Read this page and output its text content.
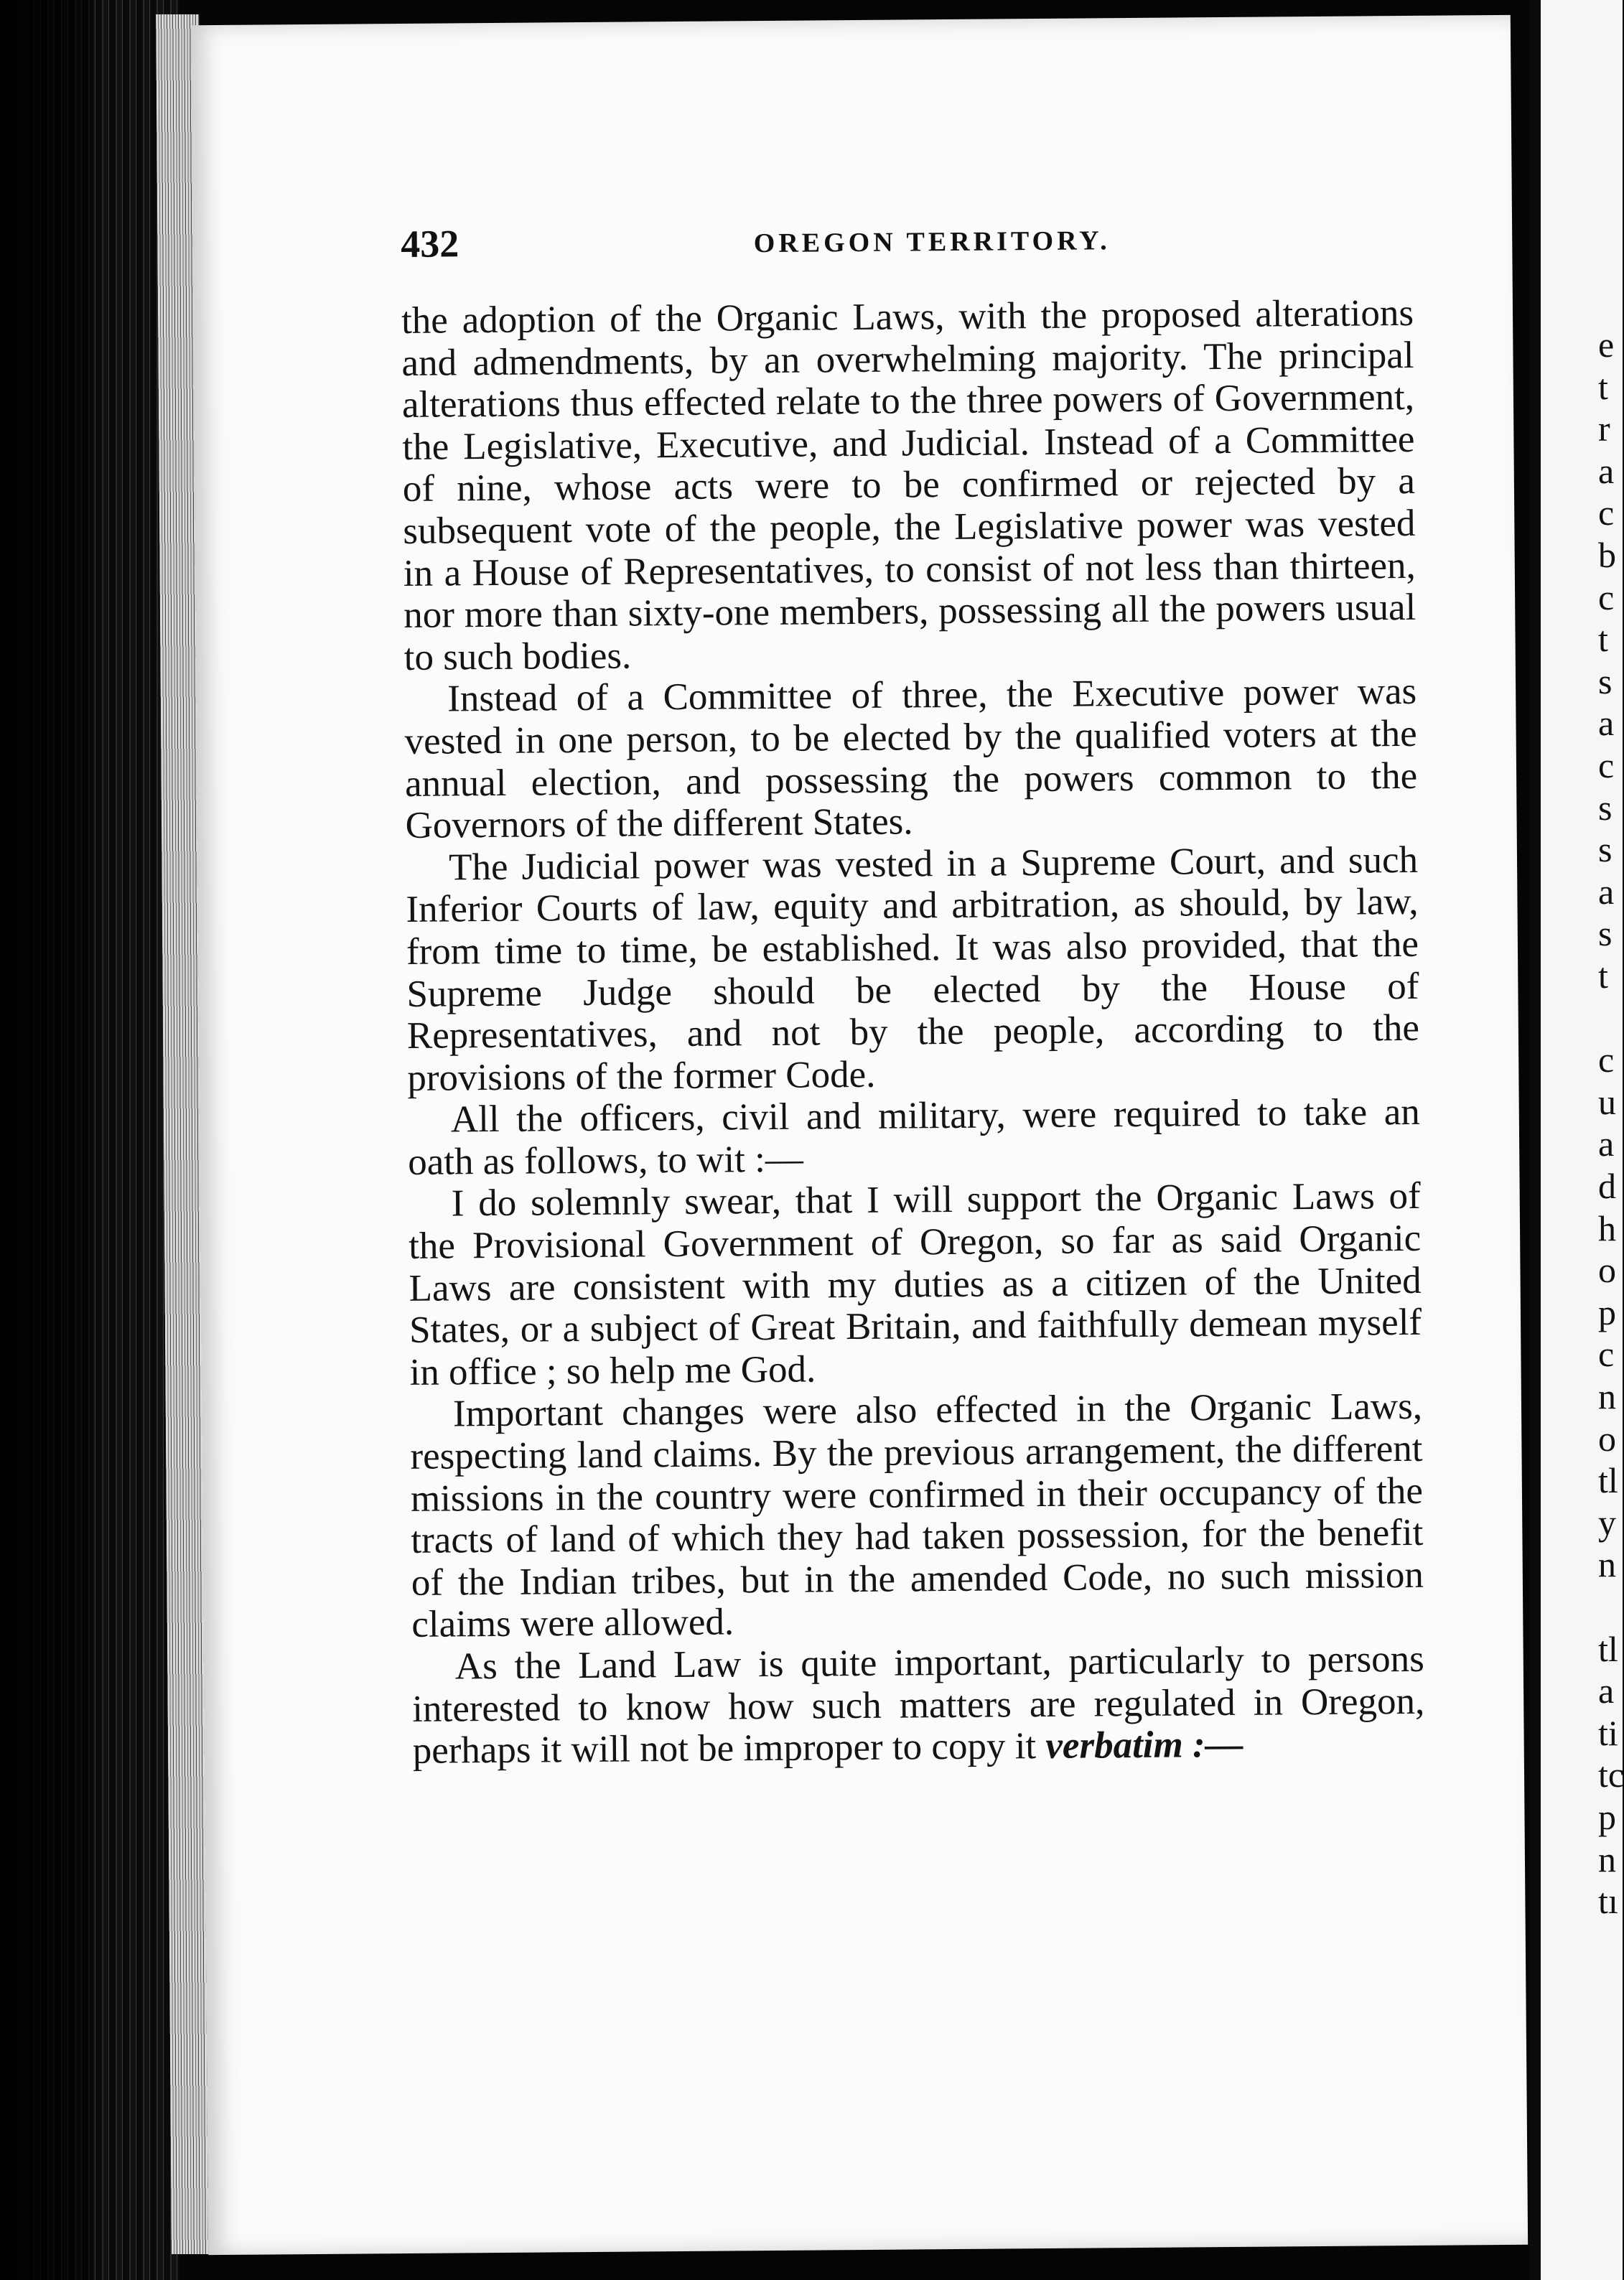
432	OREGON TERRITORY.

the adoption of the Organic Laws, with the proposed alterations and admendments, by an overwhelming majority. The principal alterations thus effected relate to the three powers of Government, the Legislative, Executive, and Judicial. Instead of a Committee of nine, whose acts were to be confirmed or rejected by a subsequent vote of the people, the Legislative power was vested in a House of Representatives, to consist of not less than thirteen, nor more than sixty-one members, possessing all the powers usual to such bodies.

Instead of a Committee of three, the Executive power was vested in one person, to be elected by the qualified voters at the annual election, and possessing the powers common to the Governors of the different States.

The Judicial power was vested in a Supreme Court, and such Inferior Courts of law, equity and arbitration, as should, by law, from time to time, be established. It was also provided, that the Supreme Judge should be elected by the House of Representatives, and not by the people, according to the provisions of the former Code.

All the officers, civil and military, were required to take an oath as follows, to wit :—

I do solemnly swear, that I will support the Organic Laws of the Provisional Government of Oregon, so far as said Organic Laws are consistent with my duties as a citizen of the United States, or a subject of Great Britain, and faithfully demean myself in office ; so help me God.

Important changes were also effected in the Organic Laws, respecting land claims. By the previous arrangement, the different missions in the country were confirmed in their occupancy of the tracts of land of which they had taken possession, for the benefit of the Indian tribes, but in the amended Code, no such mission claims were allowed.

As the Land Law is quite important, particularly to persons interested to know how such matters are regulated in Oregon, perhaps it will not be improper to copy it verbatim :—

e
t
r
a
c
b
c
t
s
a
c
s
s
a
s
t
c
u
a
d
h
o
p
c
n
o
tl
y
n
tl
a
ti
tc
p
n
tı
